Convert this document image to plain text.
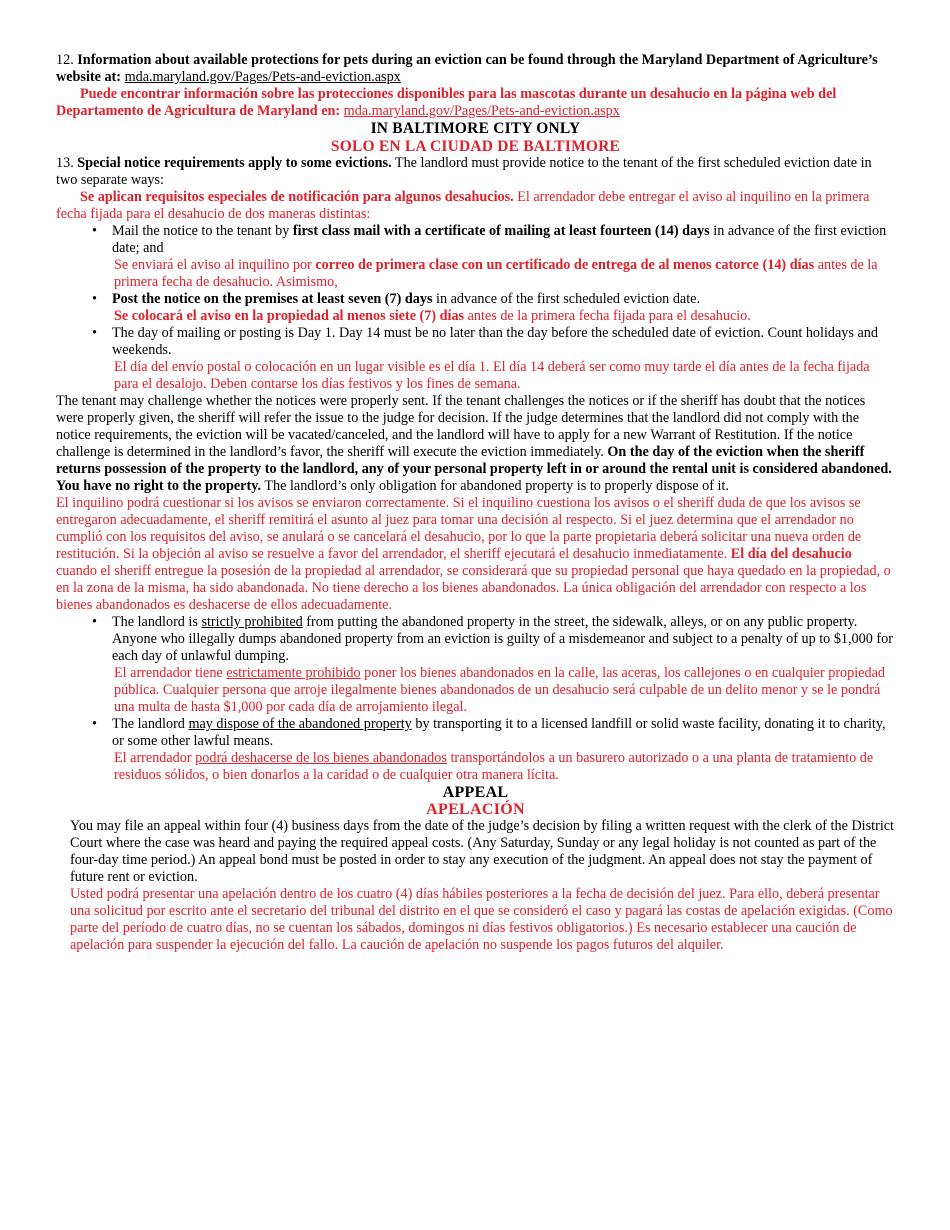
12. Information about available protections for pets during an eviction can be found through the Maryland Department of Agriculture’s website at: mda.maryland.gov/Pages/Pets-and-eviction.aspx

Puede encontrar información sobre las protecciones disponibles para las mascotas durante un desahucio en la página web del Departamento de Agricultura de Maryland en: mda.maryland.gov/Pages/Pets-and-eviction.aspx

IN BALTIMORE CITY ONLY

SOLO EN LA CIUDAD DE BALTIMORE

13. Special notice requirements apply to some evictions. The landlord must provide notice to the tenant of the first scheduled eviction date in two separate ways:

Se aplican requisitos especiales de notificación para algunos desahucios. El arrendador debe entregar el aviso al inquilino en la primera fecha fijada para el desahucio de dos maneras distintas:

• Mail the notice to the tenant by first class mail with a certificate of mailing at least fourteen (14) days in advance of the first eviction date; and

Se enviará el aviso al inquilino por correo de primera clase con un certificado de entrega de al menos catorce (14) días antes de la primera fecha de desahucio. Asimismo,

• Post the notice on the premises at least seven (7) days in advance of the first scheduled eviction date.

Se colocará el aviso en la propiedad al menos siete (7) días antes de la primera fecha fijada para el desahucio.

• The day of mailing or posting is Day 1. Day 14 must be no later than the day before the scheduled date of eviction. Count holidays and weekends.

El día del envío postal o colocación en un lugar visible es el día 1. El día 14 deberá ser como muy tarde el día antes de la fecha fijada para el desalojo. Deben contarse los días festivos y los fines de semana.

The tenant may challenge whether the notices were properly sent. If the tenant challenges the notices or if the sheriff has doubt that the notices were properly given, the sheriff will refer the issue to the judge for decision. If the judge determines that the landlord did not comply with the notice requirements, the eviction will be vacated/canceled, and the landlord will have to apply for a new Warrant of Restitution. If the notice challenge is determined in the landlord’s favor, the sheriff will execute the eviction immediately. On the day of the eviction when the sheriff returns possession of the property to the landlord, any of your personal property left in or around the rental unit is considered abandoned. You have no right to the property. The landlord’s only obligation for abandoned property is to properly dispose of it.

El inquilino podrá cuestionar si los avisos se enviaron correctamente. Si el inquilino cuestiona los avisos o el sheriff duda de que los avisos se entregaron adecuadamente, el sheriff remitirá el asunto al juez para tomar una decisión al respecto. Si el juez determina que el arrendador no cumplió con los requisitos del aviso, se anulará o se cancelará el desahucio, por lo que la parte propietaria deberá solicitar una nueva orden de restitución. Si la objeción al aviso se resuelve a favor del arrendador, el sheriff ejecutará el desahucio inmediatamente. El día del desahucio cuando el sheriff entregue la posesión de la propiedad al arrendador, se considerará que su propiedad personal que haya quedado en la propiedad, o en la zona de la misma, ha sido abandonada. No tiene derecho a los bienes abandonados. La única obligación del arrendador con respecto a los bienes abandonados es deshacerse de ellos adecuadamente.

• The landlord is strictly prohibited from putting the abandoned property in the street, the sidewalk, alleys, or on any public property. Anyone who illegally dumps abandoned property from an eviction is guilty of a misdemeanor and subject to a penalty of up to $1,000 for each day of unlawful dumping.

El arrendador tiene estrictamente prohibido poner los bienes abandonados en la calle, las aceras, los callejones o en cualquier propiedad pública. Cualquier persona que arroje ilegalmente bienes abandonados de un desahucio será culpable de un delito menor y se le pondrá una multa de hasta $1,000 por cada día de arrojamiento ilegal.

• The landlord may dispose of the abandoned property by transporting it to a licensed landfill or solid waste facility, donating it to charity, or some other lawful means.

El arrendador podrá deshacerse de los bienes abandonados transportándolos a un basurero autorizado o a una planta de tratamiento de residuos sólidos, o bien donarlos a la caridad o de cualquier otra manera lícita.

APPEAL

APELACIÓN

You may file an appeal within four (4) business days from the date of the judge’s decision by filing a written request with the clerk of the District Court where the case was heard and paying the required appeal costs. (Any Saturday, Sunday or any legal holiday is not counted as part of the four-day time period.) An appeal bond must be posted in order to stay any execution of the judgment. An appeal does not stay the payment of future rent or eviction.

Usted podrá presentar una apelación dentro de los cuatro (4) días hábiles posteriores a la fecha de decisión del juez. Para ello, deberá presentar una solicitud por escrito ante el secretario del tribunal del distrito en el que se consideró el caso y pagará las costas de apelación exigidas. (Como parte del período de cuatro días, no se cuentan los sábados, domingos ni días festivos obligatorios.) Es necesario establecer una caución de apelación para suspender la ejecución del fallo. La caución de apelación no suspende los pagos futuros del alquiler.
